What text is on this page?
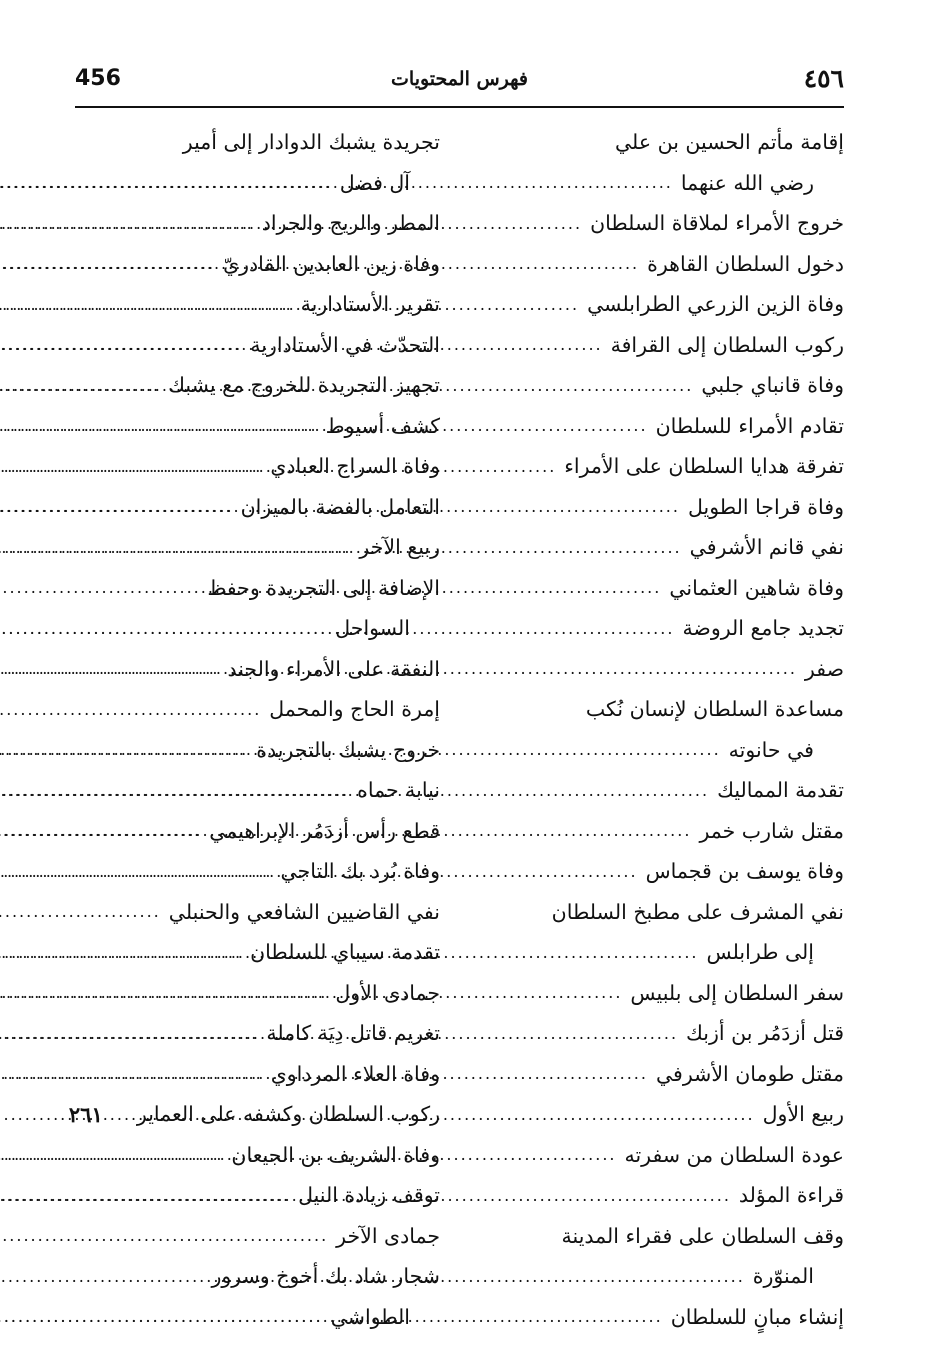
456	فهرس المحتويات	٤٥٦
إقامة مأتم الحسين بن علي
رضي الله عنهما
.....
خروج الأمراء لملاقاة السلطان
.....
دخول السلطان القاهرة
.....
وفاة الزين الزرعي الطرابلسي
.....
ركوب السلطان إلى القرافة
.....
وفاة قانباي جلبي
.....
تقادم الأمراء للسلطان
.....
تفرقة هدايا السلطان على الأمراء
.....
وفاة قراجا الطويل
.....
نفي قانم الأشرفي
.....
وفاة شاهين العثماني
.....
تجديد جامع الروضة
.....
صفر
.....
مساعدة السلطان لإنسان نُكب
في حانوته
.....
تقدمة المماليك
.....
مقتل شارب خمر
.....
وفاة يوسف بن قجماس
.....
نفي المشرف على مطبخ السلطان
إلى طرابلس
.....
سفر السلطان إلى بلبيس
.....
قتل أزدَمُر بن أزبك
.....
مقتل طومان الأشرفي
.....
ربيع الأول
.....
عودة السلطان من سفرته
.....
قراءة المؤلد
.....
وقف السلطان على فقراء المدينة
المنوّرة
.....
إنشاء مبانٍ للسلطان
.....
تجريدة يشبك الدوادار إلى أمير
آل فضل
.....
المطر والريح والجراد
.....
وفاة زين العابدين القادريّ
.....
تقرير الأستادارية
.....
التحدّث في الأستادارية
.....
تجهيز التجريدة للخروج مع يشبك
.....
كشف أسيوط
.....
وفاة السراج العبادي
.....
التعامل بالفضة بالميزان
.....
ربيع الآخر
.....
الإضافة إلى التجريدة وحفظ
السواحل
.....
النفقة على الأمراء والجند
.....
إمرة الحاج والمحمل
.....
خروج يشبك بالتجريدة
.....
نيابة حماه
.....
قطع رأس أزدَمُر الإبراهيمي
.....
وفاة بُرد بك التاجي
.....
نفي القاضيين الشافعي والحنبلي
.....
تقدمة سيباي للسلطان
.....
جمادى الأول
.....
تغريم قاتل دِيَة كاملة
.....
وفاة العلاء المرداوي
.....
ركوب السلطان وكشفه على العماير
٢٦١
وفاة الشريف بن الجيعان
.....
توقف زيادة النيل
.....
جمادى الآخر
.....
شجار شاد بك أخوخ وسرور
الطواشي
.....
